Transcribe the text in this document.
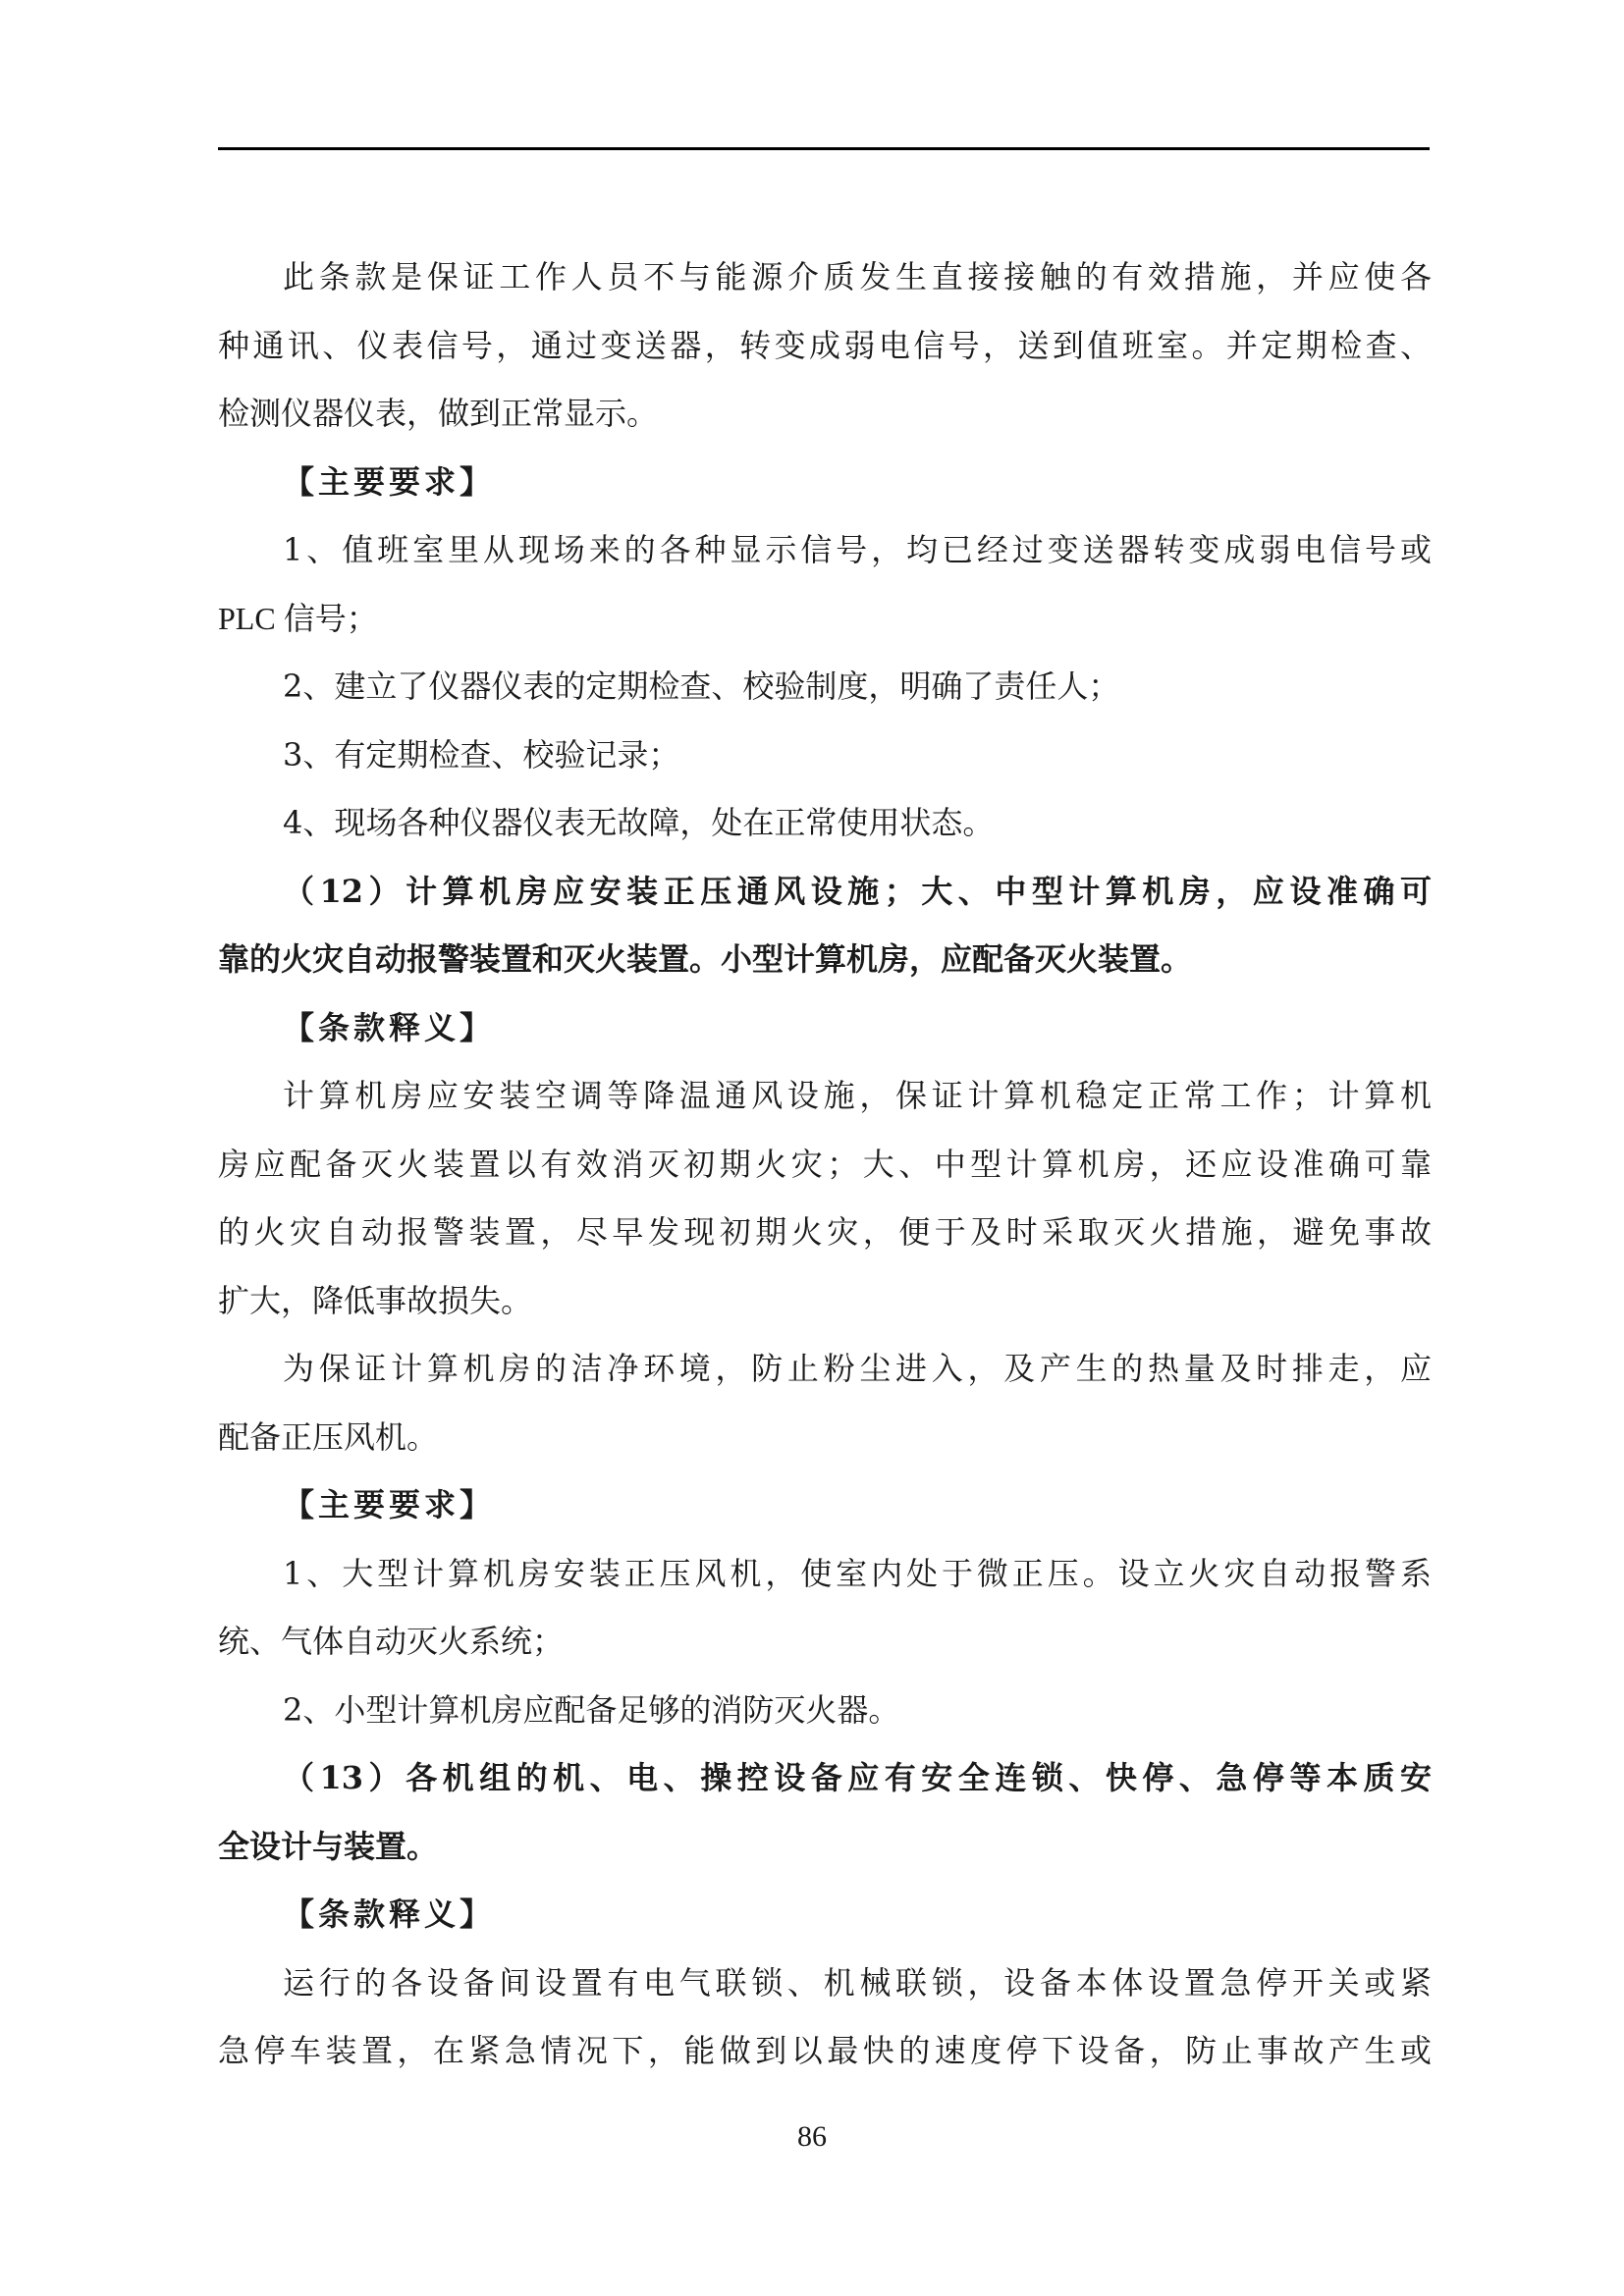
此条款是保证工作人员不与能源介质发生直接接触的有效措施，并应使各
种通讯、仪表信号，通过变送器，转变成弱电信号，送到值班室。并定期检查、
检测仪器仪表，做到正常显示。
【主要要求】
1、值班室里从现场来的各种显示信号，均已经过变送器转变成弱电信号或
PLC 信号；
2、建立了仪器仪表的定期检查、校验制度，明确了责任人；
3、有定期检查、校验记录；
4、现场各种仪器仪表无故障，处在正常使用状态。
（12）计算机房应安装正压通风设施；大、中型计算机房，应设准确可
靠的火灾自动报警装置和灭火装置。小型计算机房，应配备灭火装置。
【条款释义】
计算机房应安装空调等降温通风设施，保证计算机稳定正常工作；计算机
房应配备灭火装置以有效消灭初期火灾；大、中型计算机房，还应设准确可靠
的火灾自动报警装置，尽早发现初期火灾，便于及时采取灭火措施，避免事故
扩大，降低事故损失。
为保证计算机房的洁净环境，防止粉尘进入，及产生的热量及时排走，应
配备正压风机。
【主要要求】
1、大型计算机房安装正压风机，使室内处于微正压。设立火灾自动报警系
统、气体自动灭火系统；
2、小型计算机房应配备足够的消防灭火器。
（13）各机组的机、电、操控设备应有安全连锁、快停、急停等本质安
全设计与装置。
【条款释义】
运行的各设备间设置有电气联锁、机械联锁，设备本体设置急停开关或紧
急停车装置，在紧急情况下，能做到以最快的速度停下设备，防止事故产生或
86
